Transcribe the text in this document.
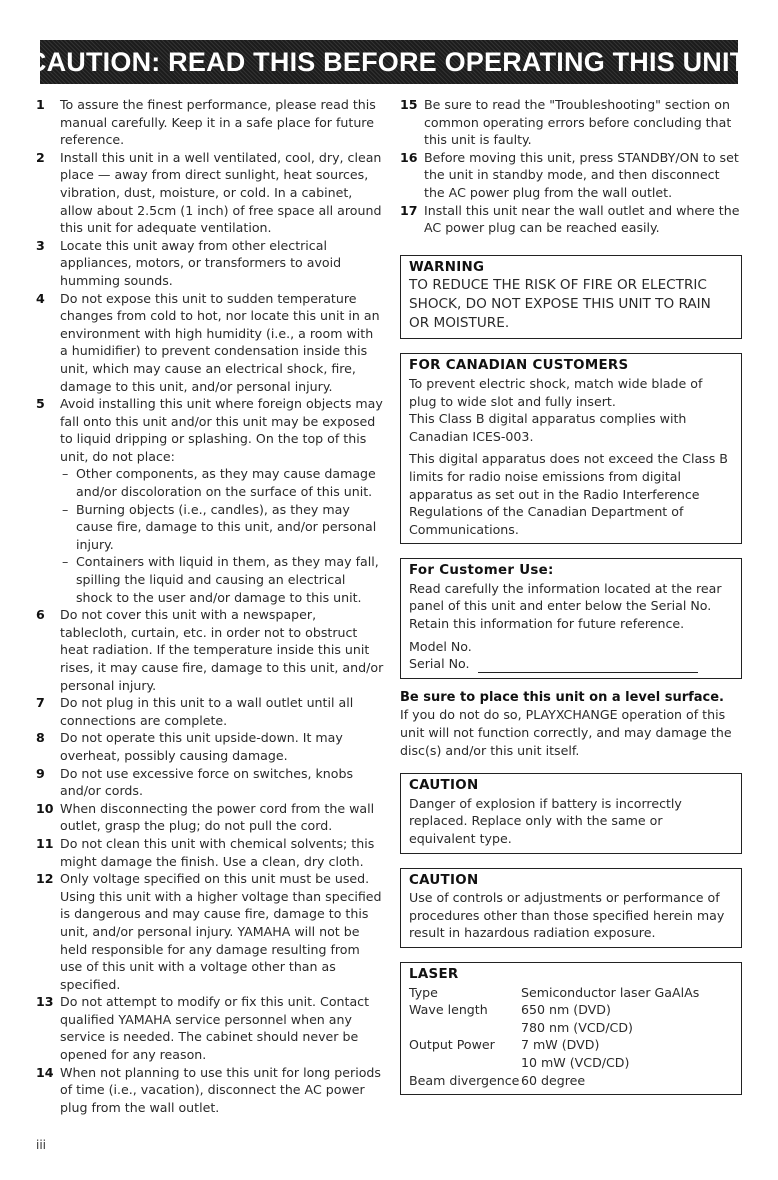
CAUTION: READ THIS BEFORE OPERATING THIS UNIT.
1 To assure the finest performance, please read this manual carefully. Keep it in a safe place for future reference.
2 Install this unit in a well ventilated, cool, dry, clean place — away from direct sunlight, heat sources, vibration, dust, moisture, or cold. In a cabinet, allow about 2.5cm (1 inch) of free space all around this unit for adequate ventilation.
3 Locate this unit away from other electrical appliances, motors, or transformers to avoid humming sounds.
4 Do not expose this unit to sudden temperature changes from cold to hot, nor locate this unit in an environment with high humidity (i.e., a room with a humidifier) to prevent condensation inside this unit, which may cause an electrical shock, fire, damage to this unit, and/or personal injury.
5 Avoid installing this unit where foreign objects may fall onto this unit and/or this unit may be exposed to liquid dripping or splashing. On the top of this unit, do not place:
– Other components, as they may cause damage and/or discoloration on the surface of this unit.
– Burning objects (i.e., candles), as they may cause fire, damage to this unit, and/or personal injury.
– Containers with liquid in them, as they may fall, spilling the liquid and causing an electrical shock to the user and/or damage to this unit.
6 Do not cover this unit with a newspaper, tablecloth, curtain, etc. in order not to obstruct heat radiation. If the temperature inside this unit rises, it may cause fire, damage to this unit, and/or personal injury.
7 Do not plug in this unit to a wall outlet until all connections are complete.
8 Do not operate this unit upside-down. It may overheat, possibly causing damage.
9 Do not use excessive force on switches, knobs and/or cords.
10 When disconnecting the power cord from the wall outlet, grasp the plug; do not pull the cord.
11 Do not clean this unit with chemical solvents; this might damage the finish. Use a clean, dry cloth.
12 Only voltage specified on this unit must be used. Using this unit with a higher voltage than specified is dangerous and may cause fire, damage to this unit, and/or personal injury. YAMAHA will not be held responsible for any damage resulting from use of this unit with a voltage other than as specified.
13 Do not attempt to modify or fix this unit. Contact qualified YAMAHA service personnel when any service is needed. The cabinet should never be opened for any reason.
14 When not planning to use this unit for long periods of time (i.e., vacation), disconnect the AC power plug from the wall outlet.
15 Be sure to read the "Troubleshooting" section on common operating errors before concluding that this unit is faulty.
16 Before moving this unit, press STANDBY/ON to set the unit in standby mode, and then disconnect the AC power plug from the wall outlet.
17 Install this unit near the wall outlet and where the AC power plug can be reached easily.
WARNING

TO REDUCE THE RISK OF FIRE OR ELECTRIC SHOCK, DO NOT EXPOSE THIS UNIT TO RAIN OR MOISTURE.

FOR CANADIAN CUSTOMERS

To prevent electric shock, match wide blade of plug to wide slot and fully insert.

This Class B digital apparatus complies with Canadian ICES-003.

This digital apparatus does not exceed the Class B limits for radio noise emissions from digital apparatus as set out in the Radio Interference Regulations of the Canadian Department of Communications.

For Customer Use:

Read carefully the information located at the rear panel of this unit and enter below the Serial No.

Retain this information for future reference.

Model No.

Serial No.

Be sure to place this unit on a level surface.
If you do not do so, PLAYXCHANGE operation of this unit will not function correctly, and may damage the disc(s) and/or this unit itself.
CAUTION

Danger of explosion if battery is incorrectly replaced. Replace only with the same or equivalent type.

CAUTION

Use of controls or adjustments or performance of procedures other than those specified herein may result in hazardous radiation exposure.

LASER
Type	Semiconductor laser GaAlAs
Wave length	650 nm (DVD)
780 nm (VCD/CD)
Output Power	7 mW (DVD)
10 mW (VCD/CD)
Beam divergence 60 degree
iii
